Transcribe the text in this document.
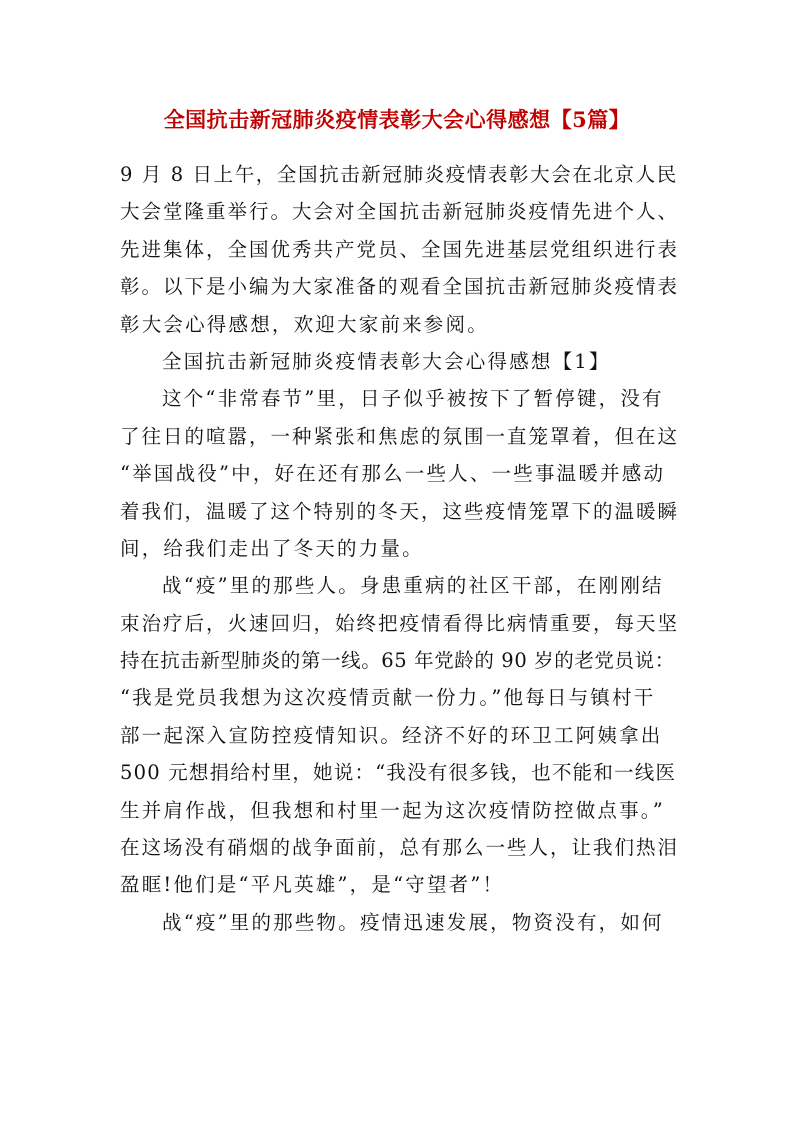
全国抗击新冠肺炎疫情表彰大会心得感想【5篇】
9 月 8 日上午，全国抗击新冠肺炎疫情表彰大会在北京人民
大会堂隆重举行。大会对全国抗击新冠肺炎疫情先进个人、
先进集体，全国优秀共产党员、全国先进基层党组织进行表
彰。以下是小编为大家准备的观看全国抗击新冠肺炎疫情表
彰大会心得感想，欢迎大家前来参阅。
全国抗击新冠肺炎疫情表彰大会心得感想【1】
这个“非常春节”里，日子似乎被按下了暂停键，没有
了往日的喧嚣，一种紧张和焦虑的氛围一直笼罩着，但在这
“举国战役”中，好在还有那么一些人、一些事温暖并感动
着我们，温暖了这个特别的冬天，这些疫情笼罩下的温暖瞬
间，给我们走出了冬天的力量。
战“疫”里的那些人。身患重病的社区干部，在刚刚结
束治疗后，火速回归，始终把疫情看得比病情重要，每天坚
持在抗击新型肺炎的第一线。65 年党龄的 90 岁的老党员说：
“我是党员我想为这次疫情贡献一份力。”他每日与镇村干
部一起深入宣防控疫情知识。经济不好的环卫工阿姨拿出
500 元想捐给村里，她说：“我没有很多钱，也不能和一线医
生并肩作战，但我想和村里一起为这次疫情防控做点事。”
在这场没有硝烟的战争面前，总有那么一些人，让我们热泪
盈眶!他们是“平凡英雄”，是“守望者”！
战“疫”里的那些物。疫情迅速发展，物资没有，如何
